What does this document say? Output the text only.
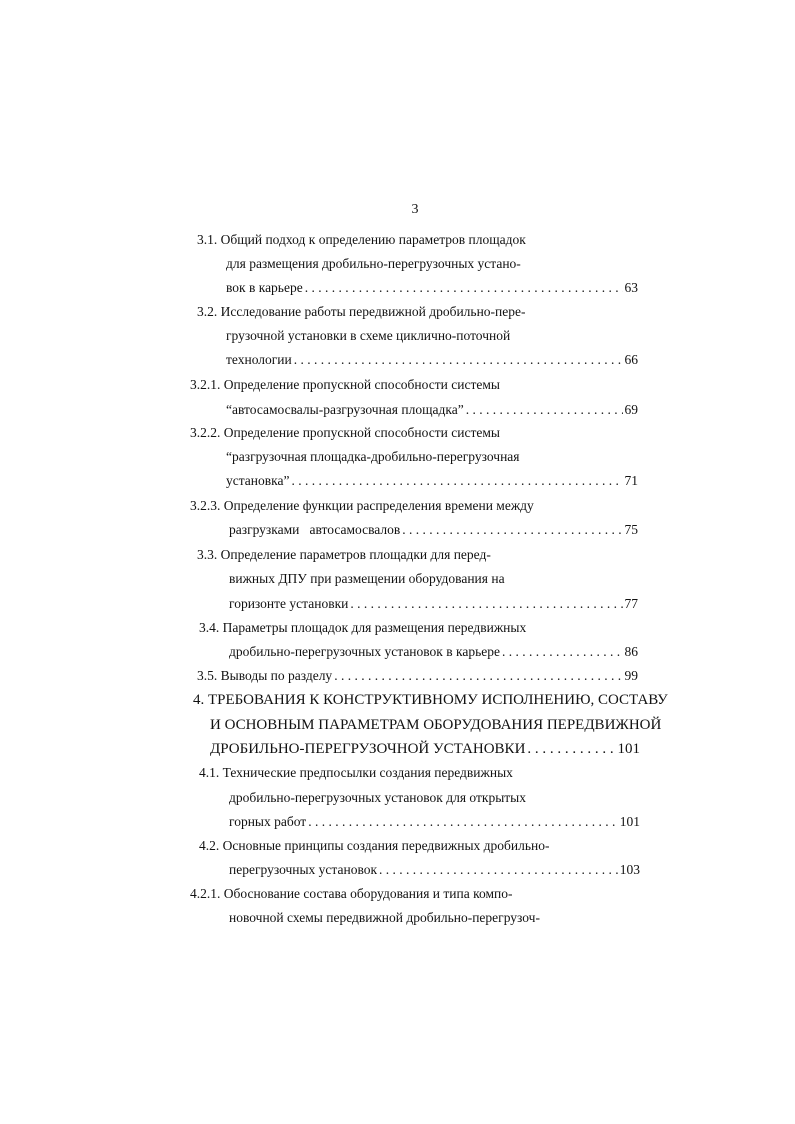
3
3.1. Общий подход к определению параметров площадок
для размещения дробильно-перегрузочных устано-
вок в карьере . . .	63
3.2. Исследование работы передвижной дробильно-пере-
грузочной установки в схеме циклично-поточной
технологии . . .	66
3.2.1. Определение пропускной способности системы
“автосамосвалы-разгрузочная площадка” . . .	69
3.2.2. Определение пропускной способности системы
“разгрузочная площадка-дробильно-перегрузочная
установка” . . .	71
3.2.3. Определение функции распределения времени между
разгрузками   автосамосвалов . . .	75
3.3. Определение параметров площадки для перед-
вижных ДПУ при размещении оборудования на
горизонте установки . . .	77
3.4. Параметры площадок для размещения передвижных
дробильно-перегрузочных установок в карьере . . .	86
3.5. Выводы по разделу . . .	99
4. ТРЕБОВАНИЯ К КОНСТРУКТИВНОМУ ИСПОЛНЕНИЮ, СОСТАВУ
И ОСНОВНЫМ ПАРАМЕТРАМ ОБОРУДОВАНИЯ ПЕРЕДВИЖНОЙ
ДРОБИЛЬНО-ПЕРЕГРУЗОЧНОЙ УСТАНОВКИ . . .	101
4.1. Технические предпосылки создания передвижных
дробильно-перегрузочных установок для открытых
горных работ . . .	101
4.2. Основные принципы создания передвижных дробильно-
перегрузочных установок . . .	103
4.2.1. Обоснование состава оборудования и типа компо-
новочной схемы передвижной дробильно-перегрузоч-
